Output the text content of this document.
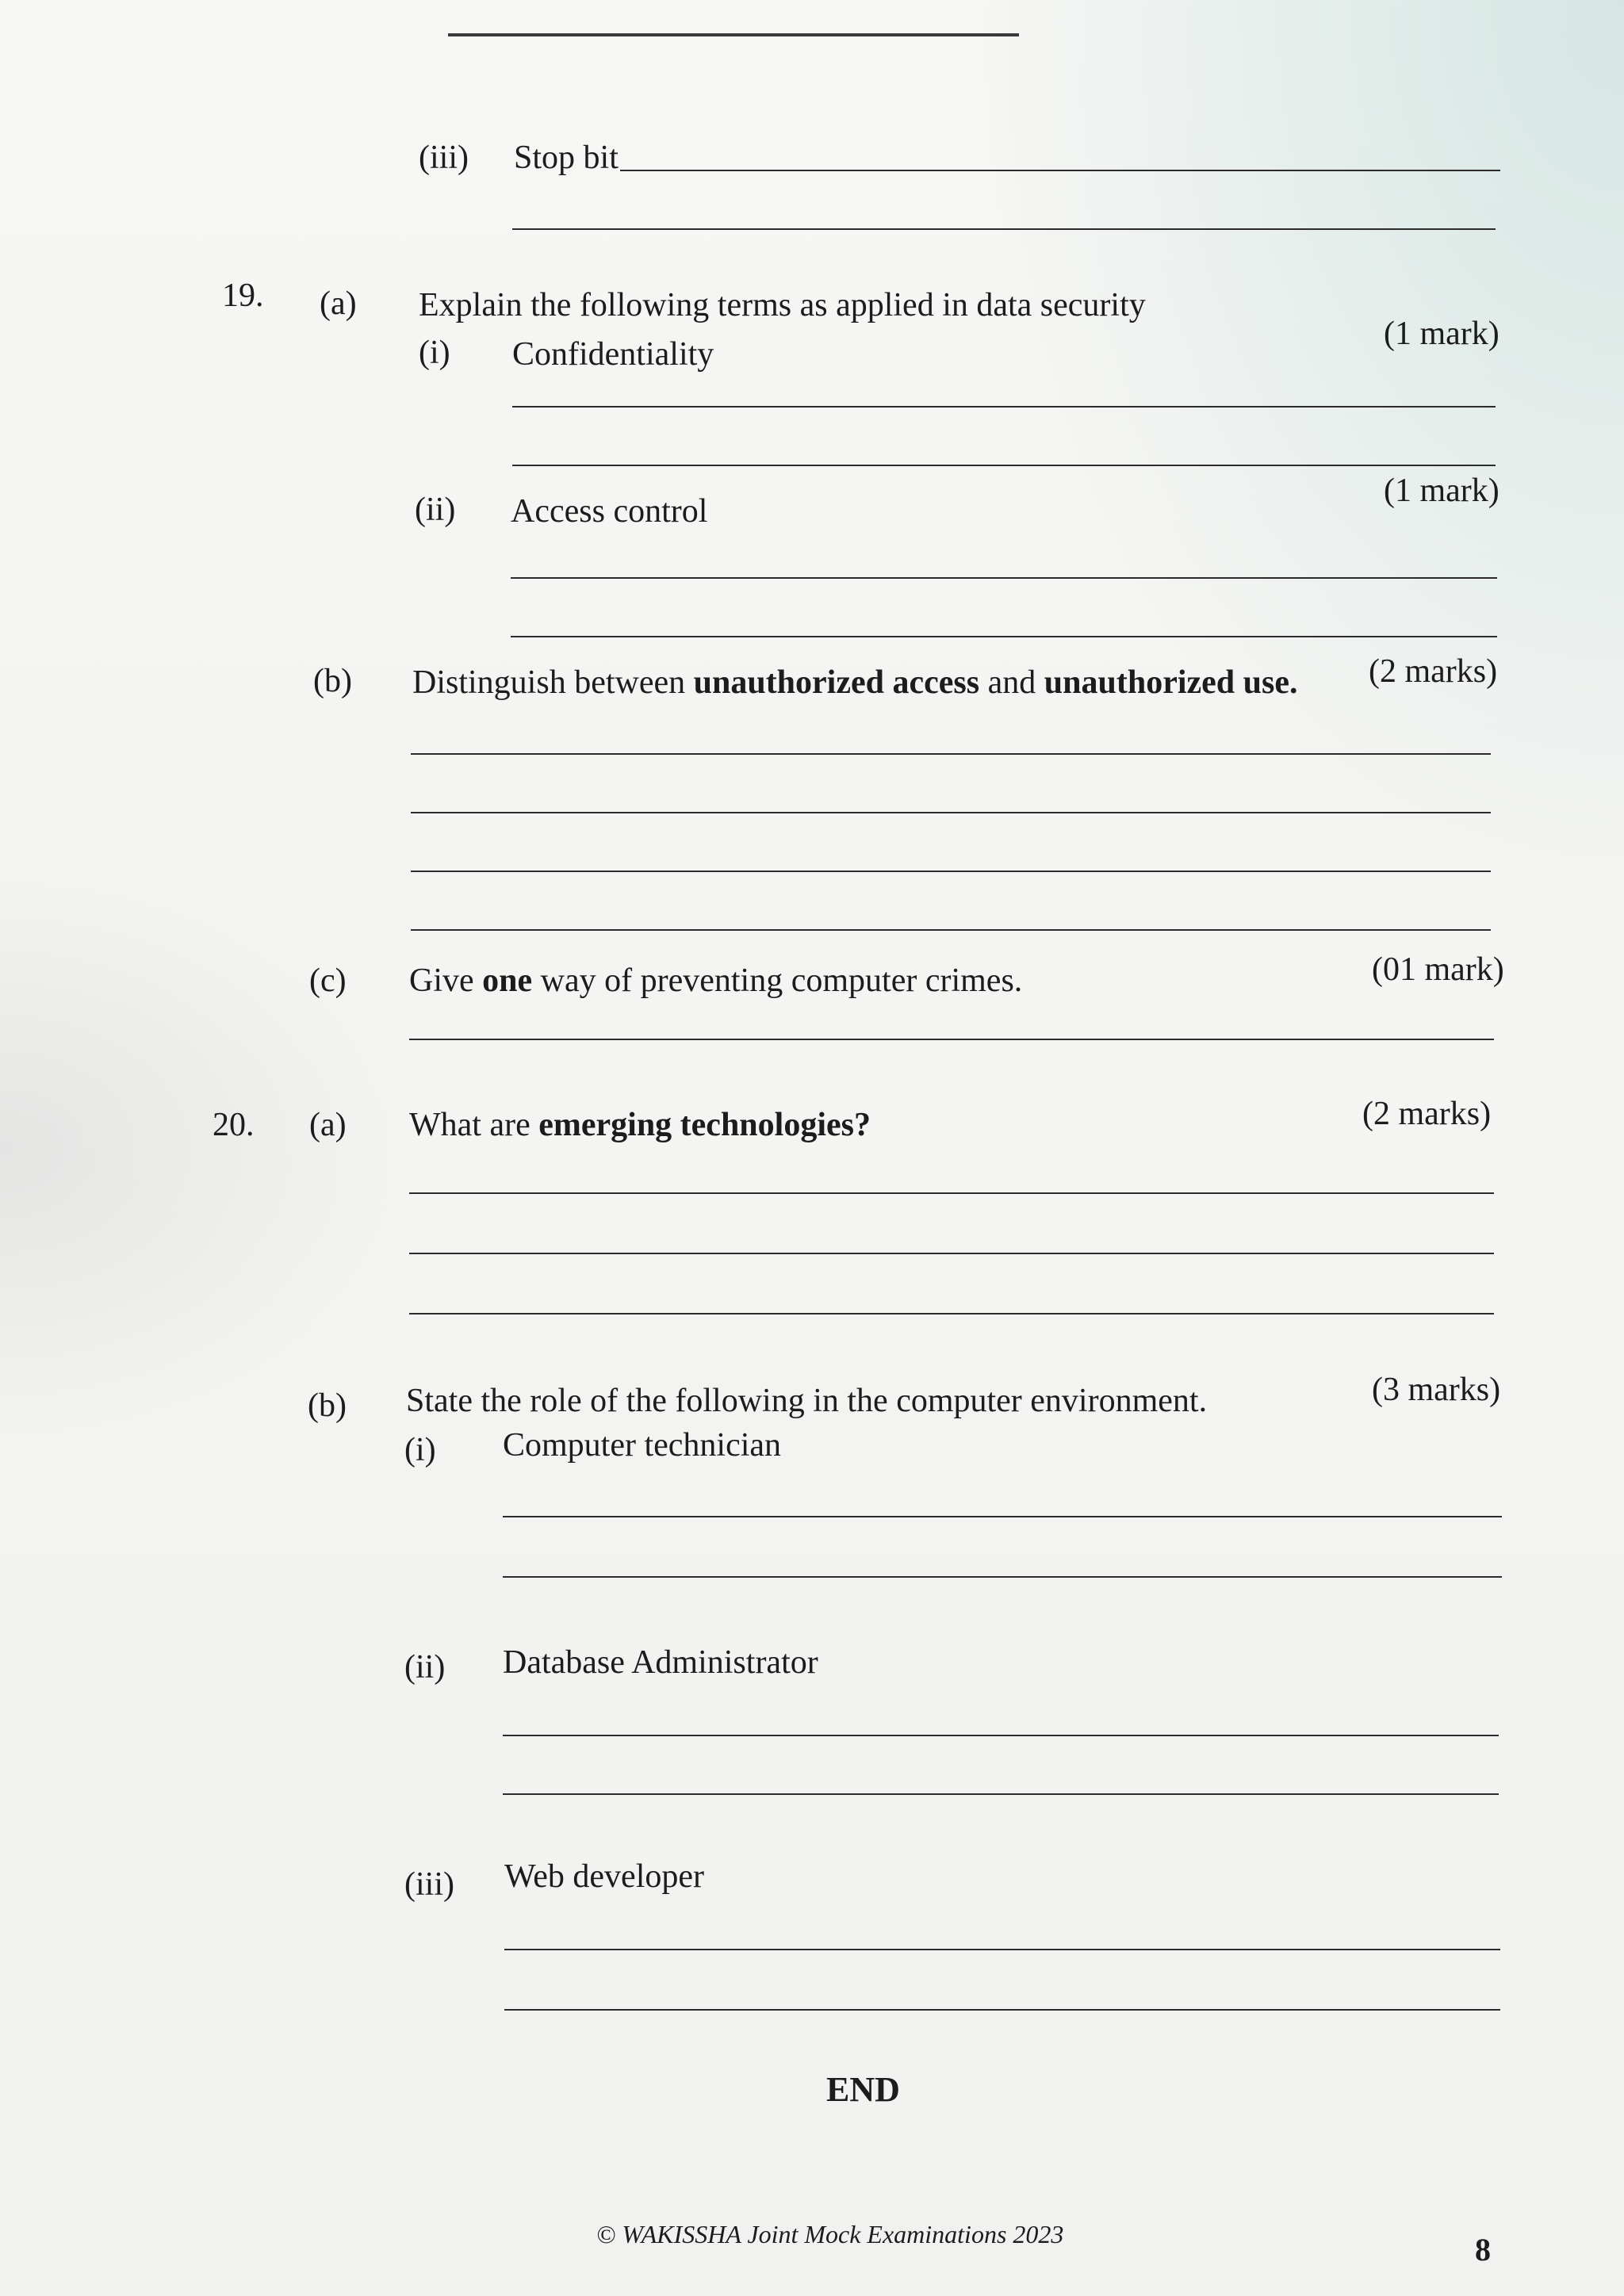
(iii) Stop bit
19. (a) Explain the following terms as applied in data security
(i) Confidentiality
(1 mark)
(ii) Access control
(1 mark)
(b) Distinguish between unauthorized access and unauthorized use. (2 marks)
(c) Give one way of preventing computer crimes.	(01 mark)
20. (a) What are emerging technologies?	(2 marks)
(b) State the role of the following in the computer environment.	(3 marks)
(i) Computer technician
(ii) Database Administrator
(iii) Web developer
END
© WAKISSHA Joint Mock Examinations 2023	8
